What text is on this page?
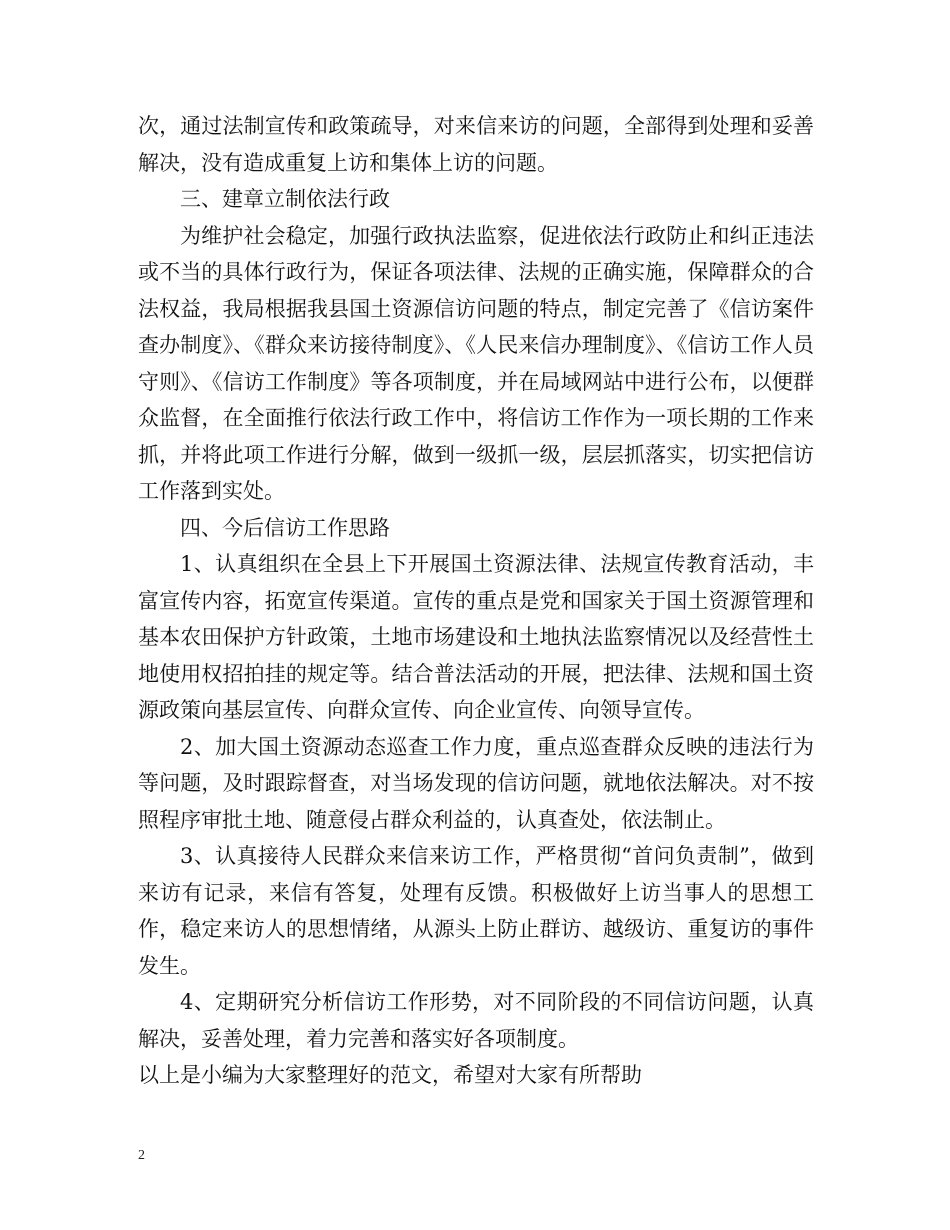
次，通过法制宣传和政策疏导，对来信来访的问题，全部得到处理和妥善解决，没有造成重复上访和集体上访的问题。

三、建章立制依法行政

为维护社会稳定，加强行政执法监察，促进依法行政防止和纠正违法或不当的具体行政行为，保证各项法律、法规的正确实施，保障群众的合法权益，我局根据我县国土资源信访问题的特点，制定完善了《信访案件查办制度》、《群众来访接待制度》、《人民来信办理制度》、《信访工作人员守则》、《信访工作制度》等各项制度，并在局域网站中进行公布，以便群众监督，在全面推行依法行政工作中，将信访工作作为一项长期的工作来抓，并将此项工作进行分解，做到一级抓一级，层层抓落实，切实把信访工作落到实处。

四、今后信访工作思路

1、认真组织在全县上下开展国土资源法律、法规宣传教育活动，丰富宣传内容，拓宽宣传渠道。宣传的重点是党和国家关于国土资源管理和基本农田保护方针政策，土地市场建设和土地执法监察情况以及经营性土地使用权招拍挂的规定等。结合普法活动的开展，把法律、法规和国土资源政策向基层宣传、向群众宣传、向企业宣传、向领导宣传。

2、加大国土资源动态巡查工作力度，重点巡查群众反映的违法行为等问题，及时跟踪督查，对当场发现的信访问题，就地依法解决。对不按照程序审批土地、随意侵占群众利益的，认真查处，依法制止。

3、认真接待人民群众来信来访工作，严格贯彻“首问负责制”，做到来访有记录，来信有答复，处理有反馈。积极做好上访当事人的思想工作，稳定来访人的思想情绪，从源头上防止群访、越级访、重复访的事件发生。

4、定期研究分析信访工作形势，对不同阶段的不同信访问题，认真解决，妥善处理，着力完善和落实好各项制度。

以上是小编为大家整理好的范文，希望对大家有所帮助

2
